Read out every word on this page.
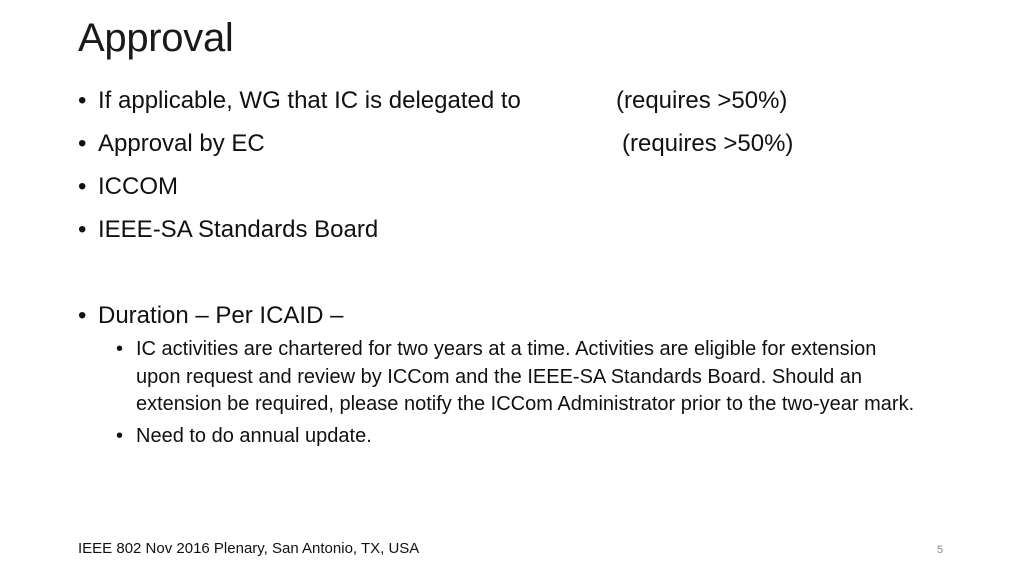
Approval
• If applicable, WG that IC is delegated to	(requires >50%)
• Approval by EC	(requires >50%)
• ICCOM
• IEEE-SA Standards Board
• Duration – Per ICAID –
• IC activities are chartered for two years at a time. Activities are eligible for extension upon request and review by ICCom and the IEEE-SA Standards Board. Should an extension be required, please notify the ICCom Administrator prior to the two-year mark.
• Need to do annual update.
IEEE 802 Nov 2016 Plenary, San Antonio, TX, USA	5
